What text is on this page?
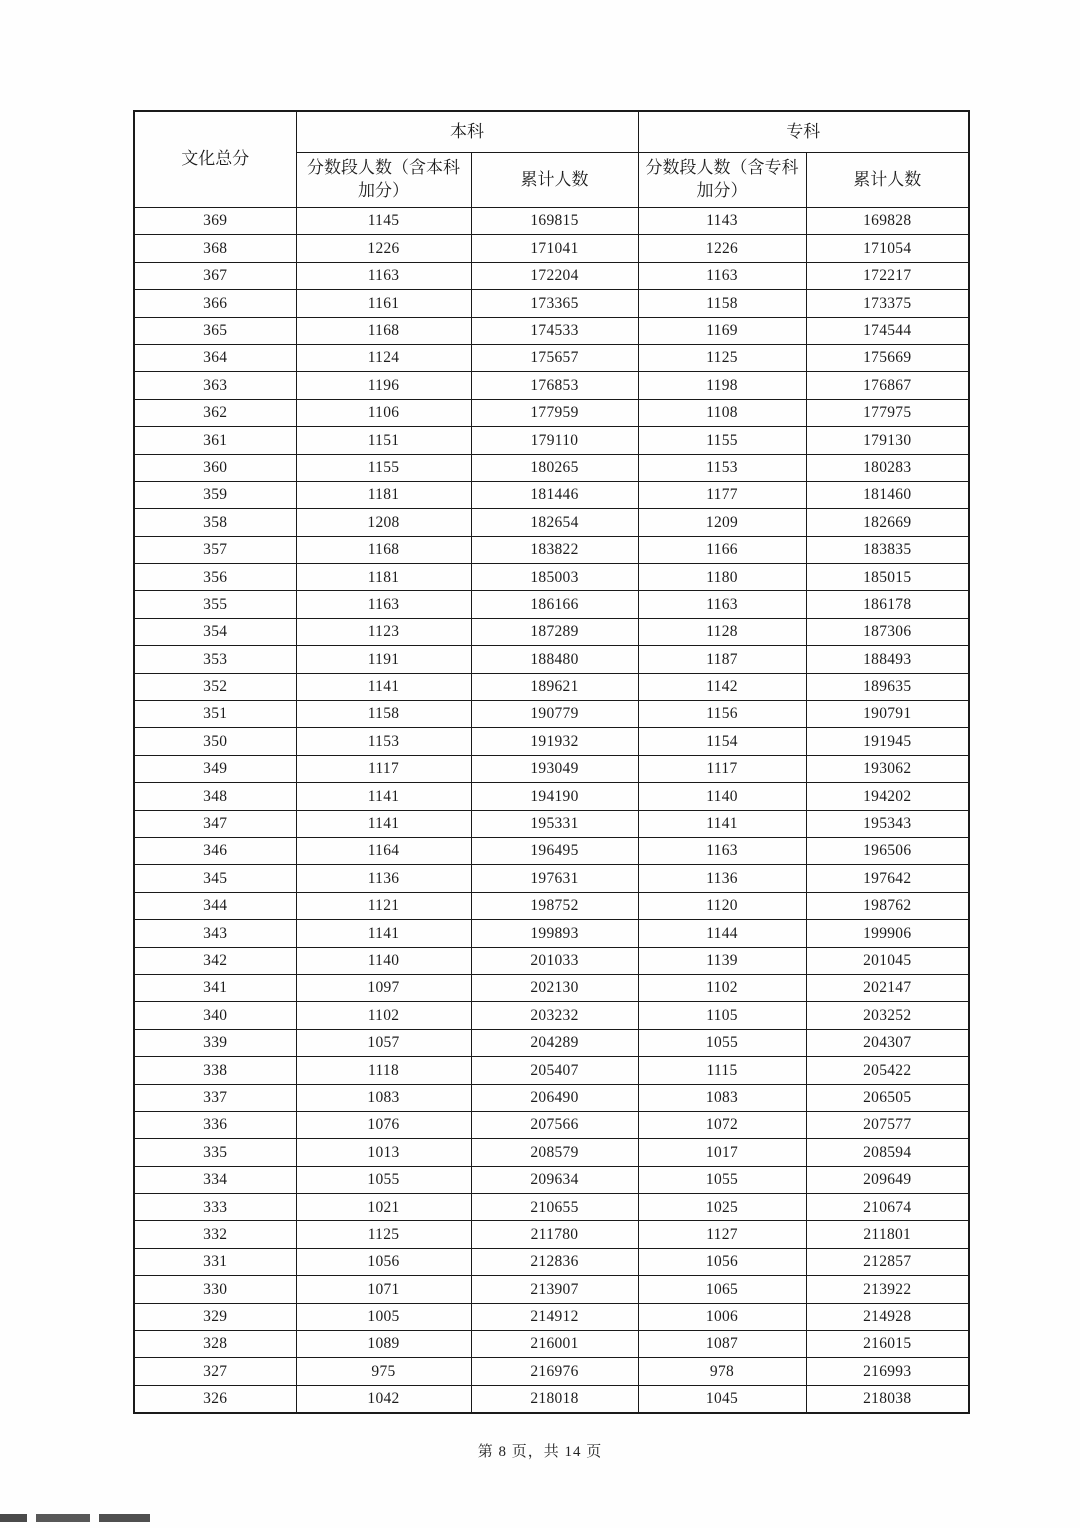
文化总分	本科		专科	
	分数段人数（含本科加分）	累计人数	分数段人数（含专科加分）	累计人数
369	1145	169815	1143	169828
368	1226	171041	1226	171054
367	1163	172204	1163	172217
366	1161	173365	1158	173375
365	1168	174533	1169	174544
364	1124	175657	1125	175669
363	1196	176853	1198	176867
362	1106	177959	1108	177975
361	1151	179110	1155	179130
360	1155	180265	1153	180283
359	1181	181446	1177	181460
358	1208	182654	1209	182669
357	1168	183822	1166	183835
356	1181	185003	1180	185015
355	1163	186166	1163	186178
354	1123	187289	1128	187306
353	1191	188480	1187	188493
352	1141	189621	1142	189635
351	1158	190779	1156	190791
350	1153	191932	1154	191945
349	1117	193049	1117	193062
348	1141	194190	1140	194202
347	1141	195331	1141	195343
346	1164	196495	1163	196506
345	1136	197631	1136	197642
344	1121	198752	1120	198762
343	1141	199893	1144	199906
342	1140	201033	1139	201045
341	1097	202130	1102	202147
340	1102	203232	1105	203252
339	1057	204289	1055	204307
338	1118	205407	1115	205422
337	1083	206490	1083	206505
336	1076	207566	1072	207577
335	1013	208579	1017	208594
334	1055	209634	1055	209649
333	1021	210655	1025	210674
332	1125	211780	1127	211801
331	1056	212836	1056	212857
330	1071	213907	1065	213922
329	1005	214912	1006	214928
328	1089	216001	1087	216015
327	975	216976	978	216993
326	1042	218018	1045	218038
第 8 页，共 14 页
